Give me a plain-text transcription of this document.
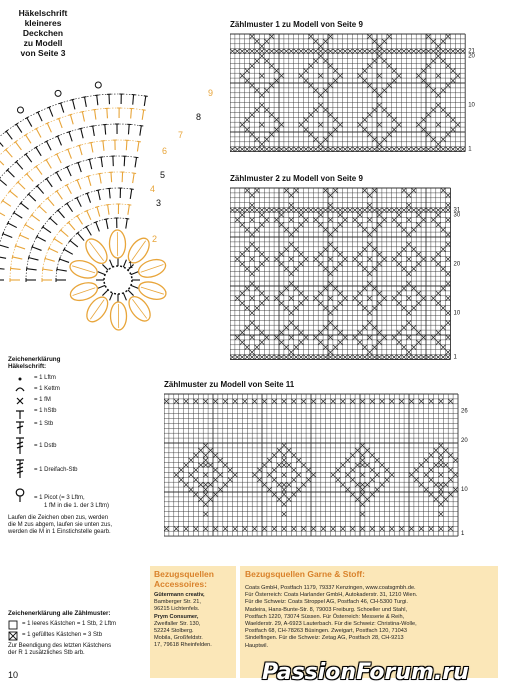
Häkelschrift
kleineres
Deckchen
zu Modell
von Seite 3
9
8
7
6
5
4
3
2
1
Zeichenerklärung
Häkelschrift:
= 1 Lftm
= 1 Kettm
= 1 fM
= 1 hStb
= 1 Stb
= 1 Dstb
= 1 Dreifach-Stb
= 1 Picot (= 3 Lftm,
1 fM in die 1. der 3 Lftm)
Laufen die Zeichen oben zus, werden
die M zus abgem, laufen sie unten zus,
werden die M in 1 Einstichstelle gearb.
Zeichenerklärung alle Zählmuster:
= 1 leeres Kästchen = 1 Stb, 2 Lftm
= 1 gefülltes Kästchen = 3 Stb
Zur Beendigung des letzten Kästchens
der R 1 zusätzliches Stb arb.
10
Zählmuster 1 zu Modell von Seite 9
Zählmuster 2 zu Modell von Seite 9
Zählmuster zu Modell von Seite 11
21
20
10
1
31
30
20
10
1
26
20
10
1
Bezugsquellen
Accessoires:
Gütermann creativ,
Bamberger Str. 21,
96215 Lichtenfels.
Prym Consumer,
Zweifaller Str. 130,
52224 Stolberg.
Mobila, Großfeldstr.
17, 79618 Rheinfelden.
Bezugsquellen Garne & Stoff:
Coats GmbH, Postfach 1179, 79337 Kenzingen, www.coatsgmbh.de.
Für Österreich: Coats Harlander GmbH, Autokaderstr. 31, 1210 Wien.
Für die Schweiz: Coats Stroppel AG, Postfach 46, CH-5300 Turgi.
Madeira, Hans-Bunte-Str. 8, 79003 Freiburg. Schoeller und Stahl,
Postfach 1220, 73074 Süssen. Für Österreich: Messerie & Reih,
Waelderstr. 29, A-6923 Lauterbach. Für die Schweiz: Christina-Wolle,
Postfach 68, CH-78263 Büsingen. Zweigart, Postfach 120, 71043
Sindelfingen. Für die Schweiz: Zetag AG, Postfach 28, CH-9213
Hauptwil.
PassionForum.ru
